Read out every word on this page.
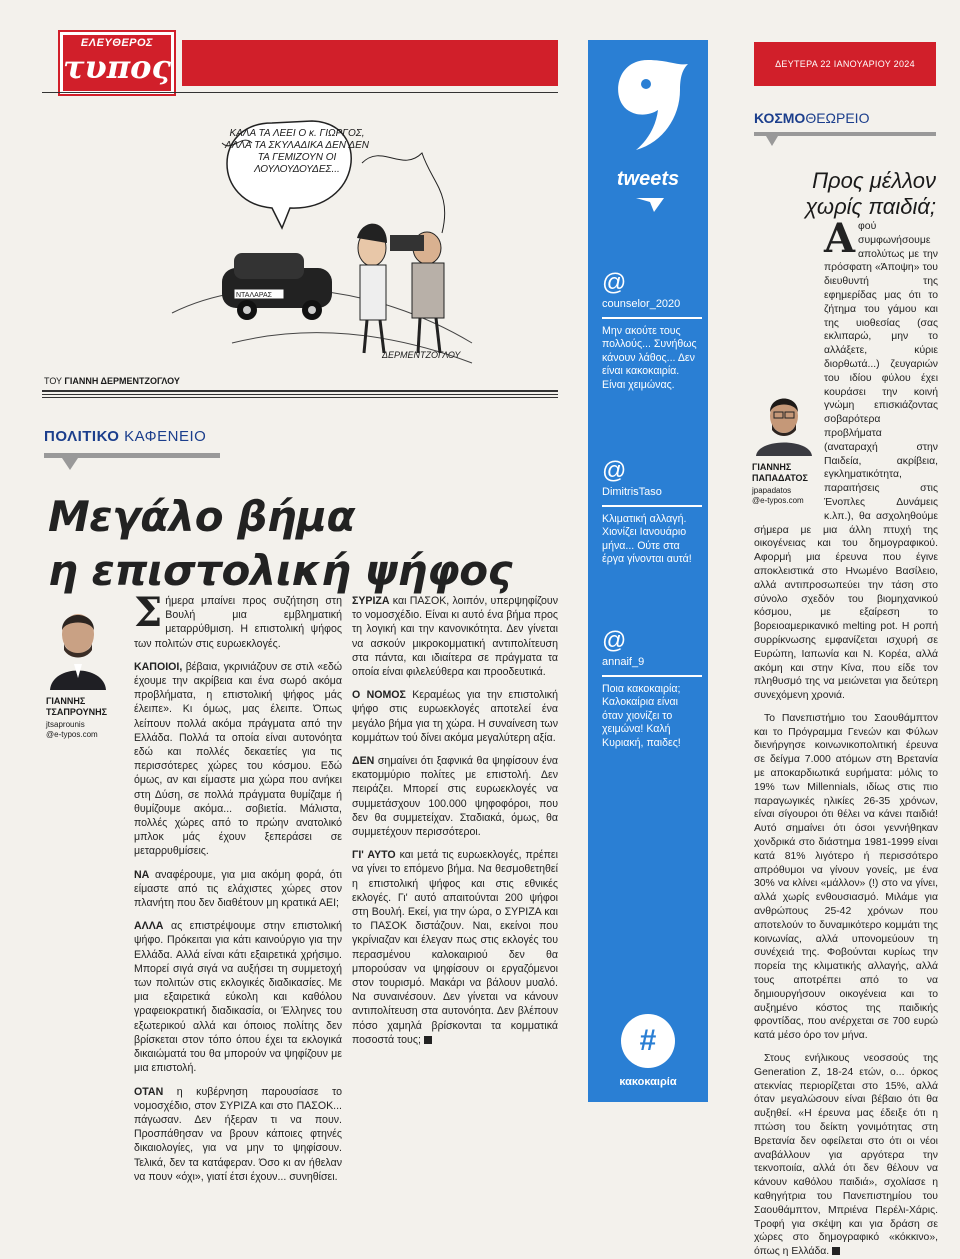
ΕΛΕΥΘΕΡΟΣ
τυπος
ΝΤΑΛΑΡΑΣ
ΚΑΛΑ ΤΑ ΛΕΕΙ Ο κ. ΓΙΩΡΓΟΣ, ΑΛΛΑ ΤΑ ΣΚΥΛΑΔΙΚΑ ΔΕΝ ΔΕΝ ΤΑ ΓΕΜΙΖΟΥΝ ΟΙ ΛΟΥΛΟΥΔΟΥΔΕΣ...
ΔΕΡΜΕΝΤΖΟΓΛΟΥ
ΤΟΥ ΓΙΑΝΝΗ ΔΕΡΜΕΝΤΖΟΓΛΟΥ
ΠΟΛΙΤΙΚΟ ΚΑΦΕΝΕΙΟ
Μεγάλο βήμα
η επιστολική ψήφος
ΓΙΑΝΝΗΣ
ΤΣΑΠΡΟΥΝΗΣ
jtsaprounis
@e-typos.com

Σήμερα μπαίνει προς συζήτηση στη Βουλή μια εμβληματική μεταρρύθμιση. Η επιστολική ψήφος των πολιτών στις ευρωεκλογές.

ΚΑΠΟΙΟΙ, βέβαια, γκρινιάζουν σε στιλ «εδώ έχουμε την ακρίβεια και ένα σωρό ακόμα προβλήματα, η επιστολική ψήφος μάς έλειπε». Κι όμως, μας έλειπε. Όπως λείπουν πολλά ακόμα πράγματα από την Ελλάδα. Πολλά τα οποία είναι αυτονόητα εδώ και πολλές δεκαετίες για τις περισσότερες χώρες του κόσμου. Εδώ όμως, αν και είμαστε μια χώρα που ανήκει στη Δύση, σε πολλά πράγματα θυμίζαμε ή θυμίζουμε ακόμα... σοβιετία. Μάλιστα, πολλές χώρες από το πρώην ανατολικό μπλοκ μάς έχουν ξεπεράσει σε μεταρρυθμίσεις.

ΝΑ αναφέρουμε, για μια ακόμη φορά, ότι είμαστε από τις ελάχιστες χώρες στον πλανήτη που δεν διαθέτουν μη κρατικά ΑΕΙ;

ΑΛΛΑ ας επιστρέψουμε στην επιστολική ψήφο. Πρόκειται για κάτι καινούργιο για την Ελλάδα. Αλλά είναι κάτι εξαιρετικά χρήσιμο. Μπορεί σιγά σιγά να αυξήσει τη συμμετοχή των πολιτών στις εκλογικές διαδικασίες. Με μια εξαιρετικά εύκολη και καθόλου γραφειοκρατική διαδικασία, οι Έλληνες του εξωτερικού αλλά και όποιος πολίτης δεν βρίσκεται στον τόπο όπου έχει τα εκλογικά δικαιώματά του θα μπορούν να ψηφίζουν με μια επιστολή.

ΟΤΑΝ η κυβέρνηση παρουσίασε το νομοσχέδιο, στον ΣΥΡΙΖΑ και στο ΠΑΣΟΚ... πάγωσαν. Δεν ήξεραν τι να πουν. Προσπάθησαν να βρουν κάποιες φτηνές δικαιολογίες, για να μην το ψηφίσουν. Τελικά, δεν τα κατάφεραν. Όσο κι αν ήθελαν να πουν «όχι», γιατί έτσι έχουν... συνηθίσει.

ΣΥΡΙΖΑ και ΠΑΣΟΚ, λοιπόν, υπερψηφίζουν το νομοσχέδιο. Είναι κι αυτό ένα βήμα προς τη λογική και την κανονικότητα. Δεν γίνεται να ασκούν μικροκομματική αντιπολίτευση στα πάντα, και ιδιαίτερα σε πράγματα τα οποία είναι φιλελεύθερα και προοδευτικά.

Ο ΝΟΜΟΣ Κεραμέως για την επιστολική ψήφο στις ευρωεκλογές αποτελεί ένα μεγάλο βήμα για τη χώρα. Η συναίνεση των κομμάτων τού δίνει ακόμα μεγαλύτερη αξία.

ΔΕΝ σημαίνει ότι ξαφνικά θα ψηφίσουν ένα εκατομμύριο πολίτες με επιστολή. Δεν πειράζει. Μπορεί στις ευρωεκλογές να συμμετάσχουν 100.000 ψηφοφόροι, που δεν θα συμμετείχαν. Σταδιακά, όμως, θα συμμετέχουν περισσότεροι.

ΓΙ' ΑΥΤΟ και μετά τις ευρωεκλογές, πρέπει να γίνει το επόμενο βήμα. Να θεσμοθετηθεί η επιστολική ψήφος και στις εθνικές εκλογές. Γι' αυτό απαιτούνται 200 ψήφοι στη Βουλή. Εκεί, για την ώρα, ο ΣΥΡΙΖΑ και το ΠΑΣΟΚ διστάζουν. Ναι, εκείνοι που γκρίνιαζαν και έλεγαν πως στις εκλογές του περασμένου καλοκαιριού δεν θα μπορούσαν να ψηφίσουν οι εργαζόμενοι στον τουρισμό. Μακάρι να βάλουν μυαλό. Να συναινέσουν. Δεν γίνεται να κάνουν αντιπολίτευση στα αυτονόητα. Δεν βλέπουν πόσο χαμηλά βρίσκονται τα κομματικά ποσοστά τους;

tweets
@
counselor_2020
Μην ακούτε τους πολλούς... Συνήθως κάνουν λάθος... Δεν είναι κακοκαιρία. Είναι χειμώνας.
@
DimitrisTaso
Κλιματική αλλαγή. Χιονίζει Ιανουάριο μήνα... Ούτε στα έργα γίνονται αυτά!
@
annaif_9
Ποια κακοκαιρία; Καλοκαίρια είναι όταν χιονίζει το χειμώνα! Καλή Κυριακή, παιδες!
#
κακοκαιρία
ΔΕΥΤΕΡΑ 22 ΙΑΝΟΥΑΡΙΟΥ 2024
ΚΟΣΜΟΘΕΩΡΕΙΟ
Προς μέλλον
χωρίς παιδιά;
ΓΙΑΝΝΗΣ
ΠΑΠΑΔΑΤΟΣ
jpapadatos
@e-typos.com

Αφού συμφωνήσουμε απολύτως με την πρόσφατη «Άποψη» του διευθυντή της εφημερίδας μας ότι το ζήτημα του γάμου και της υιοθεσίας (σας εκλιπαρώ, μην το αλλάξετε, κύριε διορθωτά...) ζευγαριών του ιδίου φύλου έχει κουράσει την κοινή γνώμη επισκιάζοντας σοβαρότερα προβλήματα (αναταραχή στην Παιδεία, ακρίβεια, εγκληματικότητα, παραιτήσεις στις Ένοπλες Δυνάμεις κ.λπ.), θα ασχοληθούμε σήμερα με μια άλλη πτυχή της οικογένειας και του δημογραφικού. Αφορμή μια έρευνα που έγινε αποκλειστικά στο Ηνωμένο Βασίλειο, αλλά αντιπροσωπεύει την τάση στο σύνολο σχεδόν του βιομηχανικού κόσμου, με εξαίρεση το βορειοαμερικανικό melting pot. Η ροπή συρρίκνωσης εμφανίζεται ισχυρή σε Ευρώπη, Ιαπωνία και Ν. Κορέα, αλλά ακόμη και στην Κίνα, που είδε τον πληθυσμό της να μειώνεται για δεύτερη συνεχόμενη χρονιά.

Το Πανεπιστήμιο του Σαουθάμπτον και το Πρόγραμμα Γενεών και Φύλων διενήργησε κοινωνικοπολιτική έρευνα σε δείγμα 7.000 ατόμων στη Βρετανία με αποκαρδιωτικά ευρήματα: μόλις το 19% των Millennials, ιδίως στις πιο παραγωγικές ηλικίες 26-35 χρόνων, είναι σίγουροι ότι θέλει να κάνει παιδιά! Αυτό σημαίνει ότι όσοι γεννήθηκαν χονδρικά στο διάστημα 1981-1999 είναι κατά 81% λιγότερο ή περισσότερο απρόθυμοι να γίνουν γονείς, με ένα 30% να κλίνει «μάλλον» (!) στο να γίνει, αλλά χωρίς ενθουσιασμό. Μιλάμε για ανθρώπους 25-42 χρόνων που αποτελούν το δυναμικότερο κομμάτι της κοινωνίας, αλλά υπονομεύουν τη συνέχειά της. Φοβούνται κυρίως την πορεία της κλιματικής αλλαγής, αλλά τους αποτρέπει από το να δημιουργήσουν οικογένεια και το αυξημένο κόστος της παιδικής φροντίδας, που ανέρχεται σε 700 ευρώ κατά μέσο όρο τον μήνα.

Στους ενήλικους νεοσσούς της Generation Z, 18-24 ετών, ο... όρκος ατεκνίας περιορίζεται στο 15%, αλλά όταν μεγαλώσουν είναι βέβαιο ότι θα αυξηθεί. «Η έρευνα μας έδειξε ότι η πτώση του δείκτη γονιμότητας στη Βρετανία δεν οφείλεται στο ότι οι νέοι αναβάλλουν για αργότερα την τεκνοποιία, αλλά ότι δεν θέλουν να κάνουν καθόλου παιδιά», σχολίασε η καθηγήτρια του Πανεπιστημίου του Σαουθάμπτον, Μπριένα Περέλι-Χάρις. Τροφή για σκέψη και για δράση σε χώρες στο δημογραφικό «κόκκινο», όπως η Ελλάδα.
